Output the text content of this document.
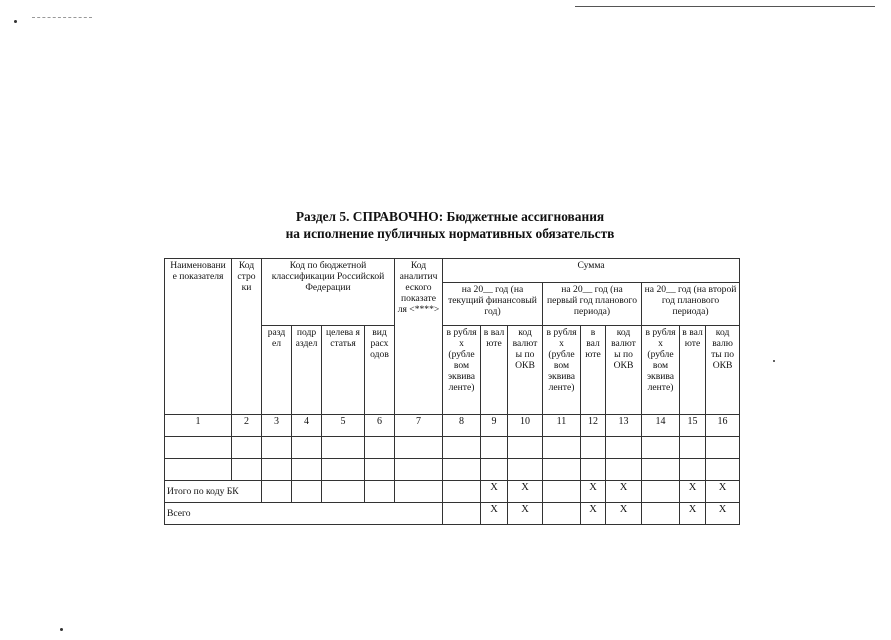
Раздел 5. СПРАВОЧНО: Бюджетные ассигнования
на исполнение публичных нормативных обязательств
Наименовани е показателя	Код стро ки	Код по бюджетной классификации Российской Федерации				Код аналитич еского показате ля <****>	Сумма								
							на 20__ год (на текущий финансовый год)			на 20__ год (на первый год планового периода)			на 20__ год (на второй год планового периода)		
		разд ел	подр аздел	целева я статья	вид расх одов		в рубля х (рубле вом эквива ленте)	в вал юте	код валют ы по ОКВ	в рубля х (рубле вом эквива ленте)	в вал юте	код валют ы по ОКВ	в рубля х (рубле вом эквива ленте)	в вал юте	код валю ты по ОКВ
1	2	3	4	5	6	7	8	9	10	11	12	13	14	15	16

Итого по коду БК								X	X		X	X		X	X
Всего								X	X		X	X		X	X
